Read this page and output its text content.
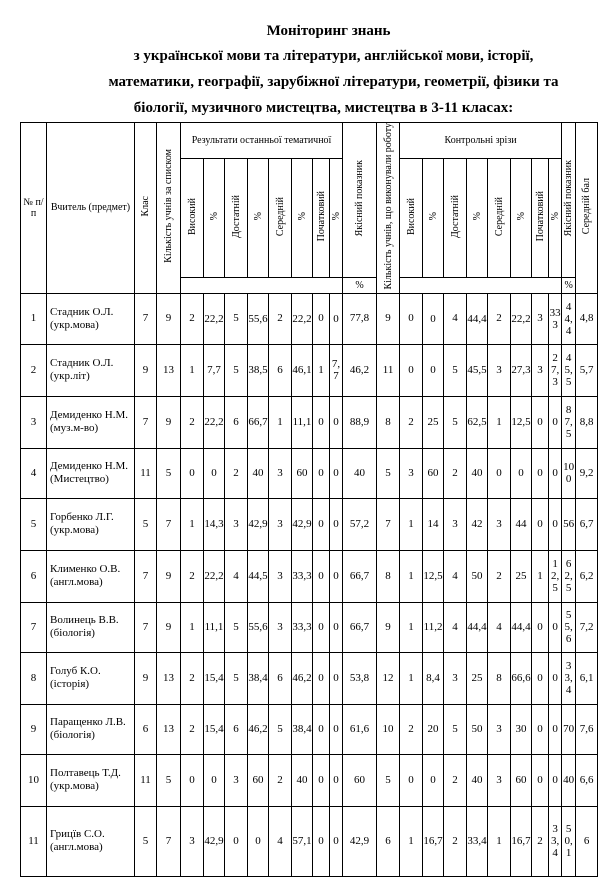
Моніторинг знань
з української мови та літератури, англійської мови, історії,
математики, географії, зарубіжної літератури, геометрії, фізики та
біології, музичного мистецтва, мистецтва в 3-11 класах:
№ п/ п	Вчитель (предмет)	Клас	Кількість учнів за списком	Результати останньої тематичної								Якісний показник	Кількість учнів, що виконували роботу	Контрольні зрізи								Якісний показник	Середній бал
				Високий	%	Достатній	%	Середній	%	Початковий	%			Високий	%	Достатній	%	Середній	%	Початковий	%		
												%										%	
1	Стадник О.Л. (укр.мова)	7	9	2	22,2	5	55,6	2	22,2	0	0	77,8	9	0	0	4	44,4	2	22,2	3	333	44,4	4,8
2	Стадник О.Л. (укр.літ)	9	13	1	7,7	5	38,5	6	46,1	1	7,7	46,2	11	0	0	5	45,5	3	27,3	3	27,3	45,5	5,7
3	Демиденко Н.М. (муз.м-во)	7	9	2	22,2	6	66,7	1	11,1	0	0	88,9	8	2	25	5	62,5	1	12,5	0	0	87,5	8,8
4	Демиденко Н.М. (Мистецтво)	11	5	0	0	2	40	3	60	0	0	40	5	3	60	2	40	0	0	0	0	100	9,2
5	Горбенко Л.Г. (укр.мова)	5	7	1	14,3	3	42,9	3	42,9	0	0	57,2	7	1	14	3	42	3	44	0	0	56	6,7
6	Клименко О.В. (англ.мова)	7	9	2	22,2	4	44,5	3	33,3	0	0	66,7	8	1	12,5	4	50	2	25	1	12,5	62,5	6,2
7	Волинець В.В. (біологія)	7	9	1	11,1	5	55,6	3	33,3	0	0	66,7	9	1	11,2	4	44,4	4	44,4	0	0	55,6	7,2
8	Голуб К.О. (історія)	9	13	2	15,4	5	38,4	6	46,2	0	0	53,8	12	1	8,4	3	25	8	66,6	0	0	33,4	6,1
9	Паращенко Л.В. (біологія)	6	13	2	15,4	6	46,2	5	38,4	0	0	61,6	10	2	20	5	50	3	30	0	0	70	7,6
10	Полтавець Т.Д. (укр.мова)	11	5	0	0	3	60	2	40	0	0	60	5	0	0	2	40	3	60	0	0	40	6,6
11	Грицїв С.О. (англ.мова)	5	7	3	42,9	0	0	4	57,1	0	0	42,9	6	1	16,7	2	33,4	1	16,7	2	33,4	50,1	6
